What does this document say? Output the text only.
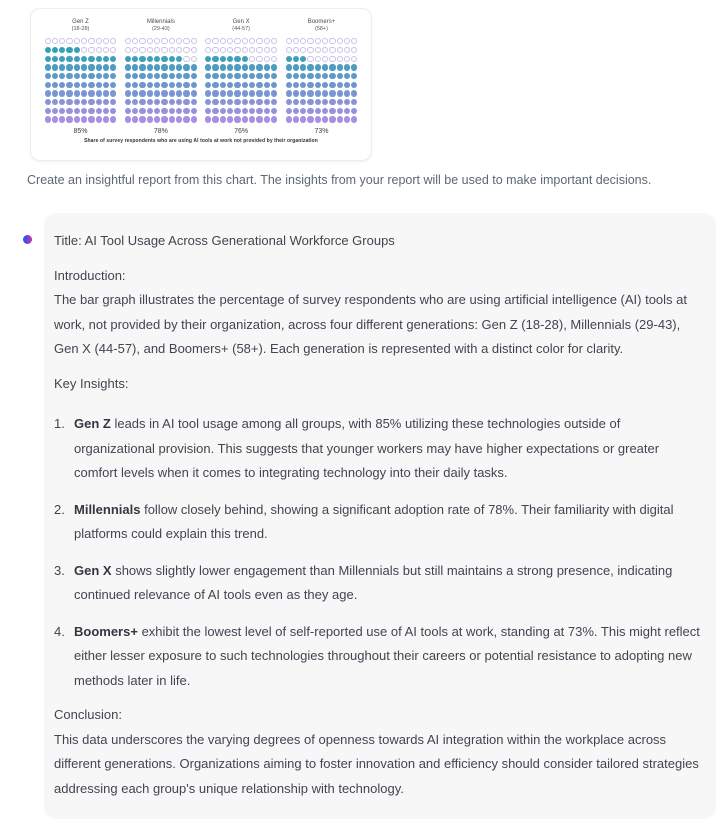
Gen Z
(18-28)
85%
Millennials
(29-43)
78%
Gen X
(44-57)
76%
Boomers+
(58+)
73%
Share of survey respondents who are using AI tools at work not provided by their organization
Create an insightful report from this chart. The insights from your report will be used to make important decisions.

Title: AI Tool Usage Across Generational Workforce Groups

Introduction:

The bar graph illustrates the percentage of survey respondents who are using artificial intelligence (AI) tools at work, not provided by their organization, across four different generations: Gen Z (18-28), Millennials (29-43), Gen X (44-57), and Boomers+ (58+). Each generation is represented with a distinct color for clarity.

Key Insights:

1. Gen Z leads in AI tool usage among all groups, with 85% utilizing these technologies outside of organizational provision. This suggests that younger workers may have higher expectations or greater comfort levels when it comes to integrating technology into their daily tasks.
2. Millennials follow closely behind, showing a significant adoption rate of 78%. Their familiarity with digital platforms could explain this trend.
3. Gen X shows slightly lower engagement than Millennials but still maintains a strong presence, indicating continued relevance of AI tools even as they age.
4. Boomers+ exhibit the lowest level of self-reported use of AI tools at work, standing at 73%. This might reflect either lesser exposure to such technologies throughout their careers or potential resistance to adopting new methods later in life.

Conclusion:

This data underscores the varying degrees of openness towards AI integration within the workplace across different generations. Organizations aiming to foster innovation and efficiency should consider tailored strategies addressing each group's unique relationship with technology.
